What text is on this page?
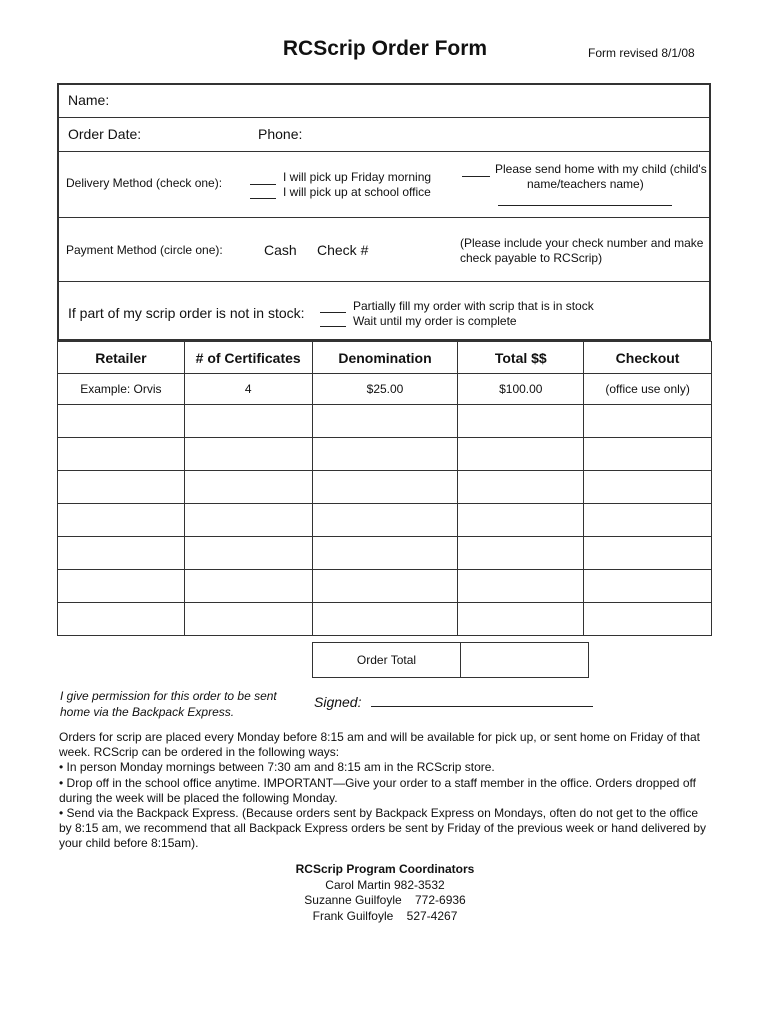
RCScrip Order Form	Form revised 8/1/08
Name:
Order Date:	Phone:
Delivery Method (check one):	I will pick up Friday morning
I will pick up at school office
Please send home with my child (child's
name/teachers name)
Payment Method (circle one):	Cash Check #	(Please include your check number and make
check payable to RCScrip)
If part of my scrip order is not in stock:	Partially fill my order with scrip that is in stock
Wait until my order is complete
Retailer	# of Certificates	Denomination	Total $$	Checkout
Example: Orvis	4	$25.00	$100.00	(office use only)

Order Total	
I give permission for this order to be sent home via the Backpack Express.
Signed:

Orders for scrip are placed every Monday before 8:15 am and will be available for pick up, or sent home on Friday of that week. RCScrip can be ordered in the following ways:

• In person Monday mornings between 7:30 am and 8:15 am in the RCScrip store.

• Drop off in the school office anytime. IMPORTANT—Give your order to a staff member in the office. Orders dropped off during the week will be placed the following Monday.

• Send via the Backpack Express. (Because orders sent by Backpack Express on Mondays, often do not get to the office by 8:15 am, we recommend that all Backpack Express orders be sent by Friday of the previous week or hand delivered by your child before 8:15am).

RCScrip Program Coordinators
Carol Martin 982-3532
Suzanne Guilfoyle    772-6936
Frank Guilfoyle    527-4267
